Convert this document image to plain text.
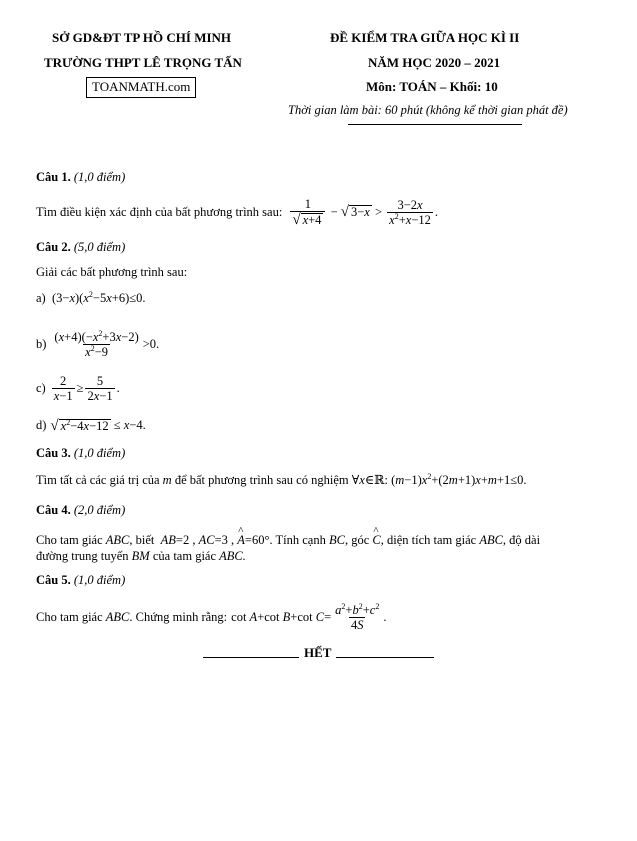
SỞ GD&ĐT TP HỒ CHÍ MINH
TRƯỜNG THPT LÊ TRỌNG TẤN
TOANMATH.com
ĐỀ KIỂM TRA GIỮA HỌC KÌ II
NĂM HỌC 2020 – 2021
Môn: TOÁN – Khối: 10
Thời gian làm bài: 60 phút (không kể thời gian phát đề)
Câu 1. (1,0 điểm)
Tìm điều kiện xác định của bất phương trình sau: $\frac{1}{√ x+4}$ − √ $3-x > \frac{3-2x}{x^2+x-12}$ .
Câu 2. (5,0 điểm)
Giải các bất phương trình sau:
a)  $(3-x)(x^2-5x+6)\le 0$.
$b) \frac{(x+4)(-x^2+3x-2)}{x^2-9} >0$.
$c) \frac{2}{x-1} \ge \frac{5}{2x-1}$ .
d) √ $x^2-4x-12 \le x-4$.
Câu 3. (1,0 điểm)
Tìm tất cả các giá trị của m để bất phương trình sau có nghiệm ∀x∈ℝ: $(m-1)x^2+(2m+1)x+m+1\le 0$.
Câu 4. (2,0 điểm)
Cho tam giác ABC, biết AB=2 , AC=3 , ^ A=60°. Tính cạnh BC, góc ^ C, diện tích tam giác ABC, độ dài
đường trung tuyến BM của tam giác ABC.
Câu 5. (1,0 điểm)
Cho tam giác
ABC . Chứng minh rằng: cot A+cot B+cot $C= \frac{a^2+b^2+c^2}{4S}$ .
HẾT
